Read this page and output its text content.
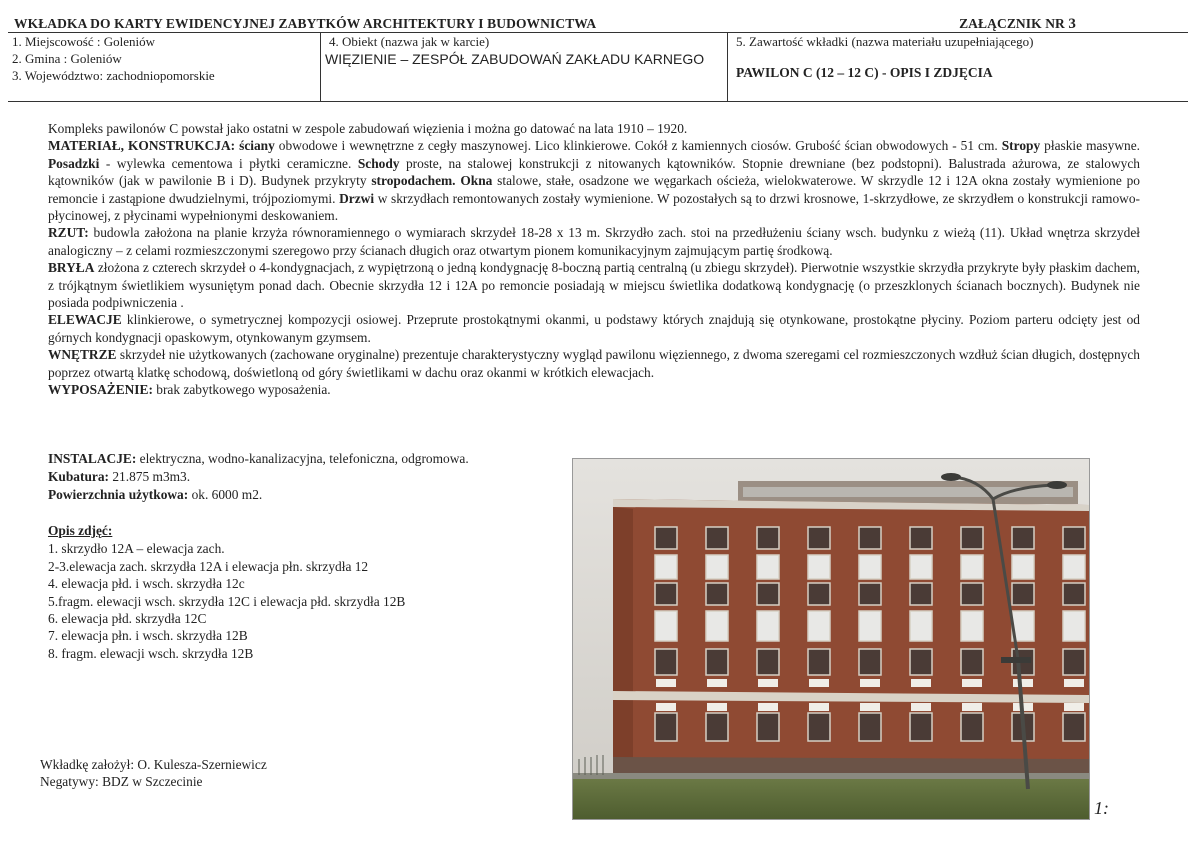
WKŁADKA DO KARTY EWIDENCYJNEJ ZABYTKÓW ARCHITEKTURY I BUDOWNICTWA	ZAŁĄCZNIK NR 3
1. Miejscowość : Goleniów
2. Gmina : Goleniów
3. Województwo: zachodniopomorskie
4. Obiekt (nazwa jak w karcie)
WIĘZIENIE – ZESPÓŁ ZABUDOWAŃ ZAKŁADU KARNEGO
5. Zawartość wkładki (nazwa materiału uzupełniającego)
PAWILON C (12 – 12 C) - OPIS I ZDJĘCIA

Kompleks pawilonów C powstał jako ostatni w zespole zabudowań więzienia i można go datować na lata 1910 – 1920.

MATERIAŁ, KONSTRUKCJA: ściany obwodowe i wewnętrzne z cegły maszynowej. Lico klinkierowe. Cokół z kamiennych ciosów. Grubość ścian obwodowych - 51 cm. Stropy płaskie masywne. Posadzki - wylewka cementowa i płytki ceramiczne. Schody proste, na stalowej konstrukcji z nitowanych kątowników. Stopnie drewniane (bez podstopni). Balustrada ażurowa, ze stalowych kątowników (jak w pawilonie B i D). Budynek przykryty stropodachem. Okna stalowe, stałe, osadzone we węgarkach ościeża, wielokwaterowe. W skrzydle 12 i 12A okna zostały wymienione po remoncie i zastąpione dwudzielnymi, trójpoziomymi. Drzwi w skrzydłach remontowanych zostały wymienione. W pozostałych są to drzwi krosnowe, 1-skrzydłowe, ze skrzydłem o konstrukcji ramowo-płycinowej, z płycinami wypełnionymi deskowaniem.

RZUT: budowla założona na planie krzyża równoramiennego o wymiarach skrzydeł 18-28 x 13 m. Skrzydło zach. stoi na przedłużeniu ściany wsch. budynku z wieżą (11). Układ wnętrza skrzydeł analogiczny – z celami rozmieszczonymi szeregowo przy ścianach długich oraz otwartym pionem komunikacyjnym zajmującym partię środkową.

BRYŁA złożona z czterech skrzydeł o 4-kondygnacjach, z wypiętrzoną o jedną kondygnację 8-boczną partią centralną (u zbiegu skrzydeł). Pierwotnie wszystkie skrzydła przykryte były płaskim dachem, z trójkątnym świetlikiem wysuniętym ponad dach. Obecnie skrzydła 12 i 12A po remoncie posiadają w miejscu świetlika dodatkową kondygnację (o przeszklonych ścianach bocznych). Budynek nie posiada podpiwniczenia .

ELEWACJE klinkierowe, o symetrycznej kompozycji osiowej. Przeprute prostokątnymi okanmi, u podstawy których znajdują się otynkowane, prostokątne płyciny. Poziom parteru odcięty jest od górnych kondygnacji opaskowym, otynkowanym gzymsem.

WNĘTRZE skrzydeł nie użytkowanych (zachowane oryginalne) prezentuje charakterystyczny wygląd pawilonu więziennego, z dwoma szeregami cel rozmieszczonych wzdłuż ścian długich, dostępnych poprzez otwartą klatkę schodową, doświetloną od góry świetlikami w dachu oraz okanmi w krótkich elewacjach.

WYPOSAŻENIE: brak zabytkowego wyposażenia.

INSTALACJE: elektryczna, wodno-kanalizacyjna, telefoniczna, odgromowa.
Kubatura: 21.875 m3m3.
Powierzchnia użytkowa: ok. 6000 m2.
Opis zdjęć:
1. skrzydło 12A – elewacja zach.
2-3.elewacja zach. skrzydła 12A i elewacja płn. skrzydła 12
4. elewacja płd. i wsch. skrzydła 12c
5.fragm. elewacji wsch. skrzydła 12C i elewacja płd. skrzydła 12B
6. elewacja płd. skrzydła 12C
7. elewacja płn. i wsch. skrzydła 12B
8. fragm. elewacji wsch. skrzydła 12B
Wkładkę założył: O. Kulesza-Szerniewicz
Negatywy: BDZ w Szczecinie
1:
